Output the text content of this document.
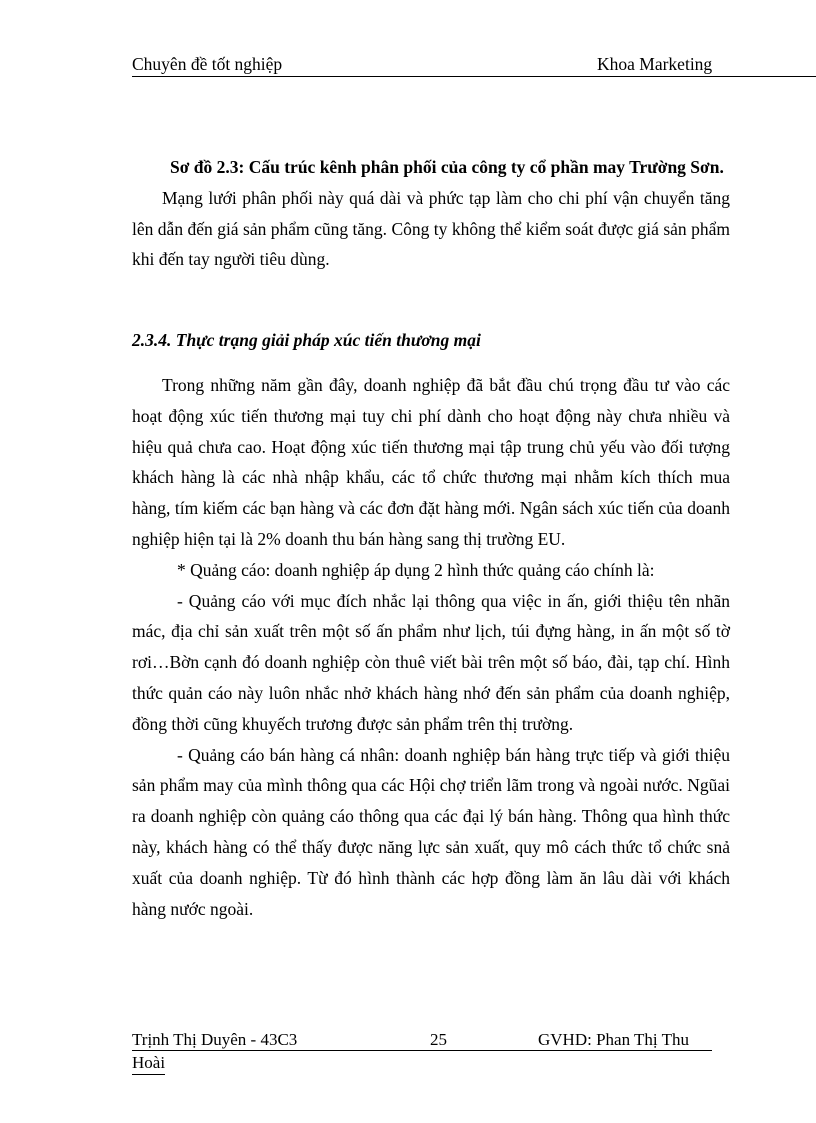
Chuyên đề tốt nghiệp	Khoa Marketing

Sơ đồ 2.3: Cấu trúc kênh phân phối của công ty cổ phần may Trường Sơn.

Mạng lưới phân phối này quá dài và phức tạp làm cho chi phí vận chuyển tăng lên dẫn đến giá sản phẩm cũng tăng. Công ty không thể kiểm soát được giá sản phẩm khi đến tay người tiêu dùng.

2.3.4. Thực trạng giải pháp xúc tiến thương mại

Trong những năm gần đây, doanh nghiệp đã bắt đầu chú trọng đầu tư vào các hoạt động xúc tiến thương mại tuy chi phí dành cho hoạt động này chưa nhiều và hiệu quả chưa cao. Hoạt động xúc tiến thương mại tập trung chủ yếu vào đối tượng khách hàng là các nhà nhập khẩu, các tổ chức thương mại nhằm kích thích mua hàng, tím kiếm các bạn hàng và các đơn đặt hàng mới. Ngân sách xúc tiến của doanh nghiệp hiện tại là 2% doanh thu bán hàng sang thị trường EU.

* Quảng cáo: doanh nghiệp áp dụng 2 hình thức quảng cáo chính là:

- Quảng cáo với mục đích nhắc lại thông qua việc in ấn, giới thiệu tên nhãn mác, địa chỉ sản xuất trên một số ấn phẩm như lịch, túi đựng hàng, in ấn một số tờ rơi…Bờn cạnh đó doanh nghiệp còn thuê viết bài trên một số báo, đài, tạp chí. Hình thức quản cáo này luôn nhắc nhở khách hàng nhớ đến sản phẩm của doanh nghiệp, đồng thời cũng khuyếch trương được sản phẩm trên thị trường.

- Quảng cáo bán hàng cá nhân: doanh nghiệp bán hàng trực tiếp và giới thiệu sản phẩm may của mình thông qua các Hội chợ triển lãm trong và ngoài nước. Ngũai ra doanh nghiệp còn quảng cáo thông qua các đại lý bán hàng. Thông qua hình thức này, khách hàng có thể thấy được năng lực sản xuất, quy mô cách thức tổ chức snả xuất của doanh nghiệp. Từ đó hình thành các hợp đồng làm ăn lâu dài với khách hàng nước ngoài.

Trịnh Thị Duyên - 43C3	25	GVHD: Phan Thị Thu
Hoài
